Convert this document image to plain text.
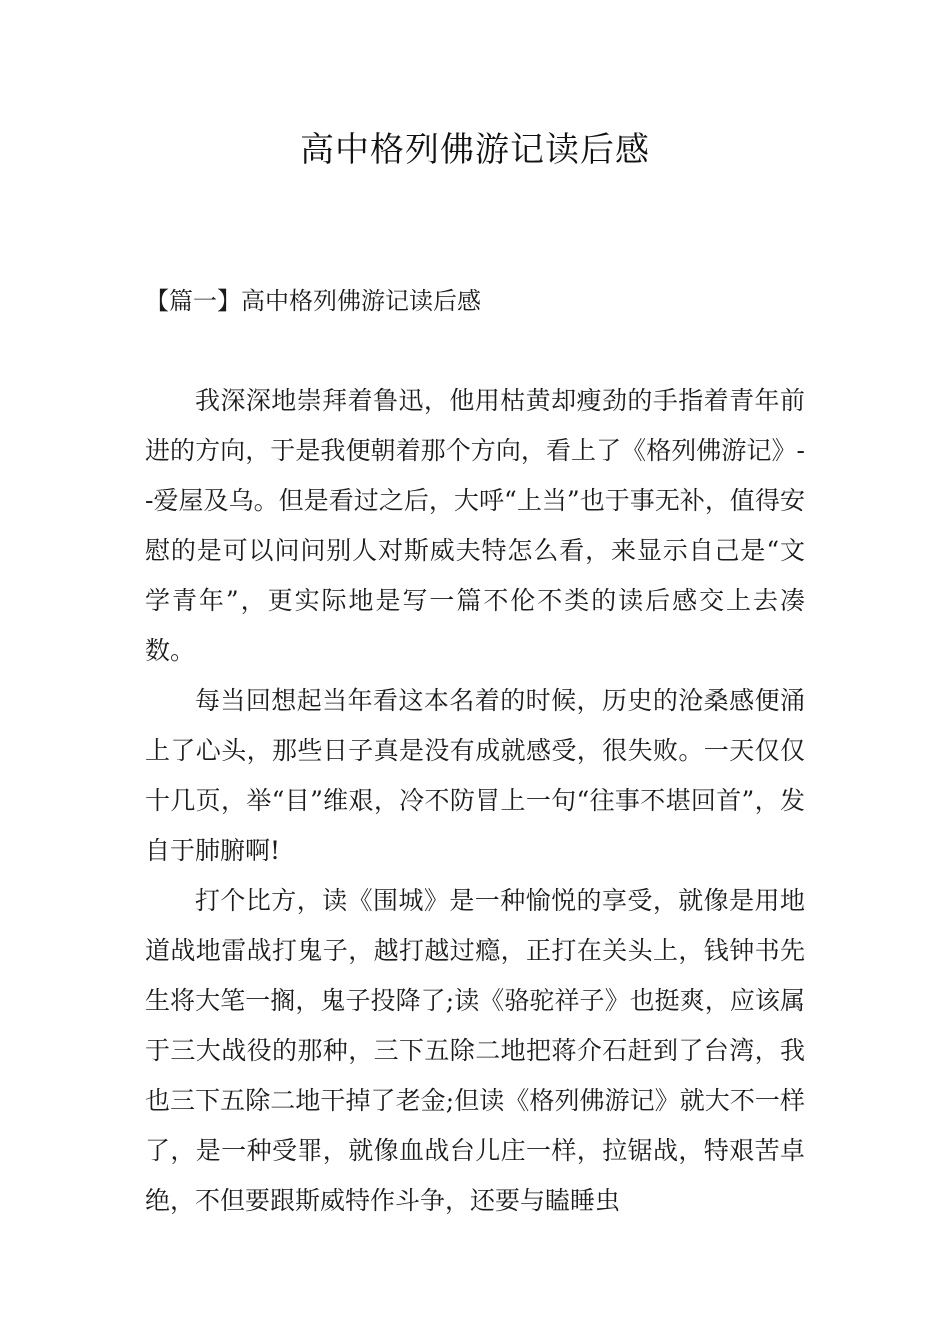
高中格列佛游记读后感
【篇一】高中格列佛游记读后感

我深深地崇拜着鲁迅，他用枯黄却瘦劲的手指着青年前进的方向，于是我便朝着那个方向，看上了《格列佛游记》--爱屋及乌。但是看过之后，大呼“上当”也于事无补，值得安慰的是可以问问别人对斯威夫特怎么看，来显示自己是“文学青年”，更实际地是写一篇不伦不类的读后感交上去凑数。

每当回想起当年看这本名着的时候，历史的沧桑感便涌上了心头，那些日子真是没有成就感受，很失败。一天仅仅十几页，举“目”维艰，冷不防冒上一句“往事不堪回首”，发自于肺腑啊!

打个比方，读《围城》是一种愉悦的享受，就像是用地道战地雷战打鬼子，越打越过瘾，正打在关头上，钱钟书先生将大笔一搁，鬼子投降了;读《骆驼祥子》也挺爽，应该属于三大战役的那种，三下五除二地把蒋介石赶到了台湾，我也三下五除二地干掉了老金;但读《格列佛游记》就大不一样了，是一种受罪，就像血战台儿庄一样，拉锯战，特艰苦卓绝，不但要跟斯威特作斗争，还要与瞌睡虫
